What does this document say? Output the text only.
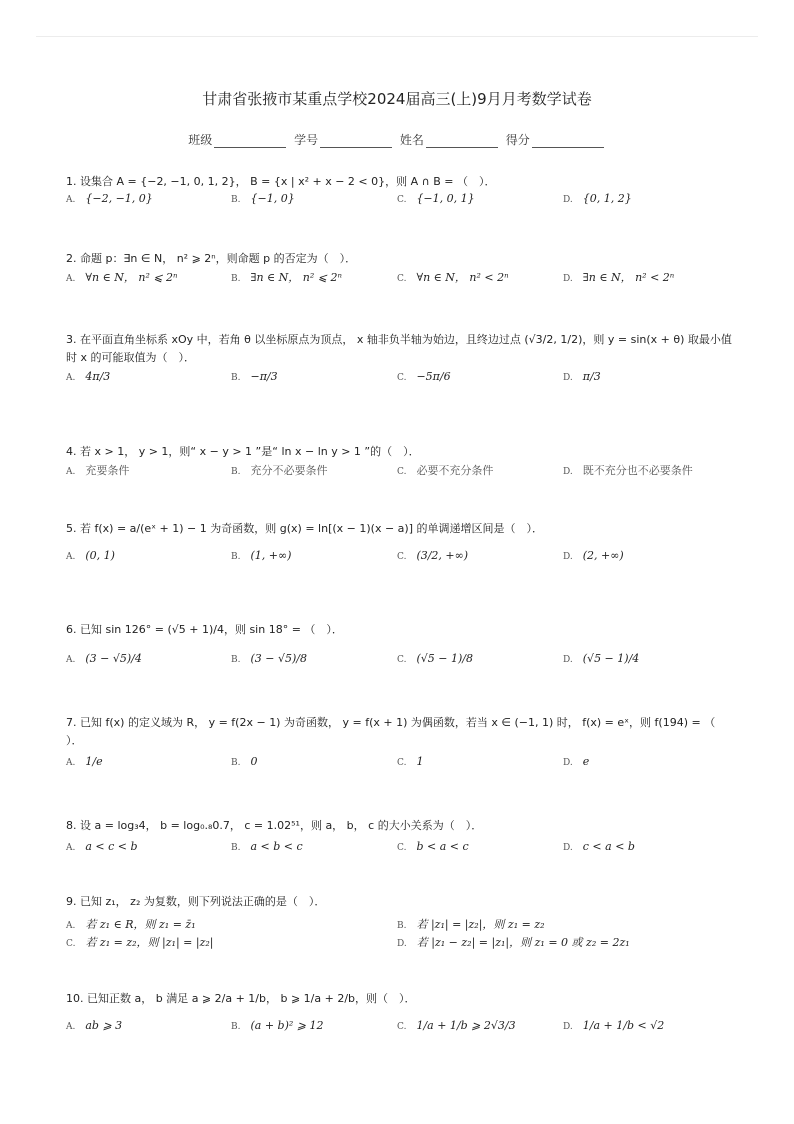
甘肃省张掖市某重点学校2024届高三(上)9月月考数学试卷
班级	学号	姓名	得分
1. 设集合 A = {−2, −1, 0, 1, 2}， B = {x | x² + x − 2 < 0}，则 A ∩ B = （　）．
A. {−2, −1, 0}	B. {−1, 0}	C. {−1, 0, 1}	D. {0, 1, 2}
2. 命题 p：∃n ∈ N， n² ⩾ 2ⁿ，则命题 p 的否定为（　）．
A. ∀n ∈ N， n² ⩽ 2ⁿ	B. ∃n ∈ N， n² ⩽ 2ⁿ	C. ∀n ∈ N， n² < 2ⁿ	D. ∃n ∈ N， n² < 2ⁿ
3. 在平面直角坐标系 xOy 中，若角 θ 以坐标原点为顶点， x 轴非负半轴为始边，且终边过点 (√3/2, 1/2)，则 y = sin(x + θ) 取最小值
时 x 的可能取值为（　）．
A. 4π/3	B. −π/3	C. −5π/6	D. π/3
4. 若 x > 1， y > 1，则“ x − y > 1 ”是“ ln x − ln y > 1 ”的（　）．
A. 充要条件	B. 充分不必要条件	C. 必要不充分条件	D. 既不充分也不必要条件
5. 若 f(x) = a/(eˣ + 1) − 1 为奇函数，则 g(x) = ln[(x − 1)(x − a)] 的单调递增区间是（　）．
A. (0, 1)	B. (1, +∞)	C. (3/2, +∞)	D. (2, +∞)
6. 已知 sin 126° = (√5 + 1)/4，则 sin 18° = （　）．
A. (3 − √5)/4	B. (3 − √5)/8	C. (√5 − 1)/8	D. (√5 − 1)/4
7. 已知 f(x) 的定义域为 R， y = f(2x − 1) 为奇函数， y = f(x + 1) 为偶函数，若当 x ∈ (−1, 1) 时， f(x) = eˣ，则 f(194) = （
）．
A. 1/e	B. 0	C. 1	D. e
8. 设 a = log₃4， b = log₀.₈0.7， c = 1.02⁵¹，则 a， b， c 的大小关系为（　）．
A. a < c < b	B. a < b < c	C. b < a < c	D. c < a < b
9. 已知 z₁， z₂ 为复数，则下列说法正确的是（　）．
A. 若 z₁ ∈ R，则 z₁ = z̄₁	B. 若 |z₁| = |z₂|，则 z₁ = z₂
C. 若 z₁ = z₂，则 |z₁| = |z₂|	D. 若 |z₁ − z₂| = |z₁|，则 z₁ = 0 或 z₂ = 2z₁
10. 已知正数 a， b 满足 a ⩾ 2/a + 1/b， b ⩾ 1/a + 2/b，则（　）．
A. ab ⩾ 3	B. (a + b)² ⩾ 12	C. 1/a + 1/b ⩾ 2√3/3	D. 1/a + 1/b < √2
